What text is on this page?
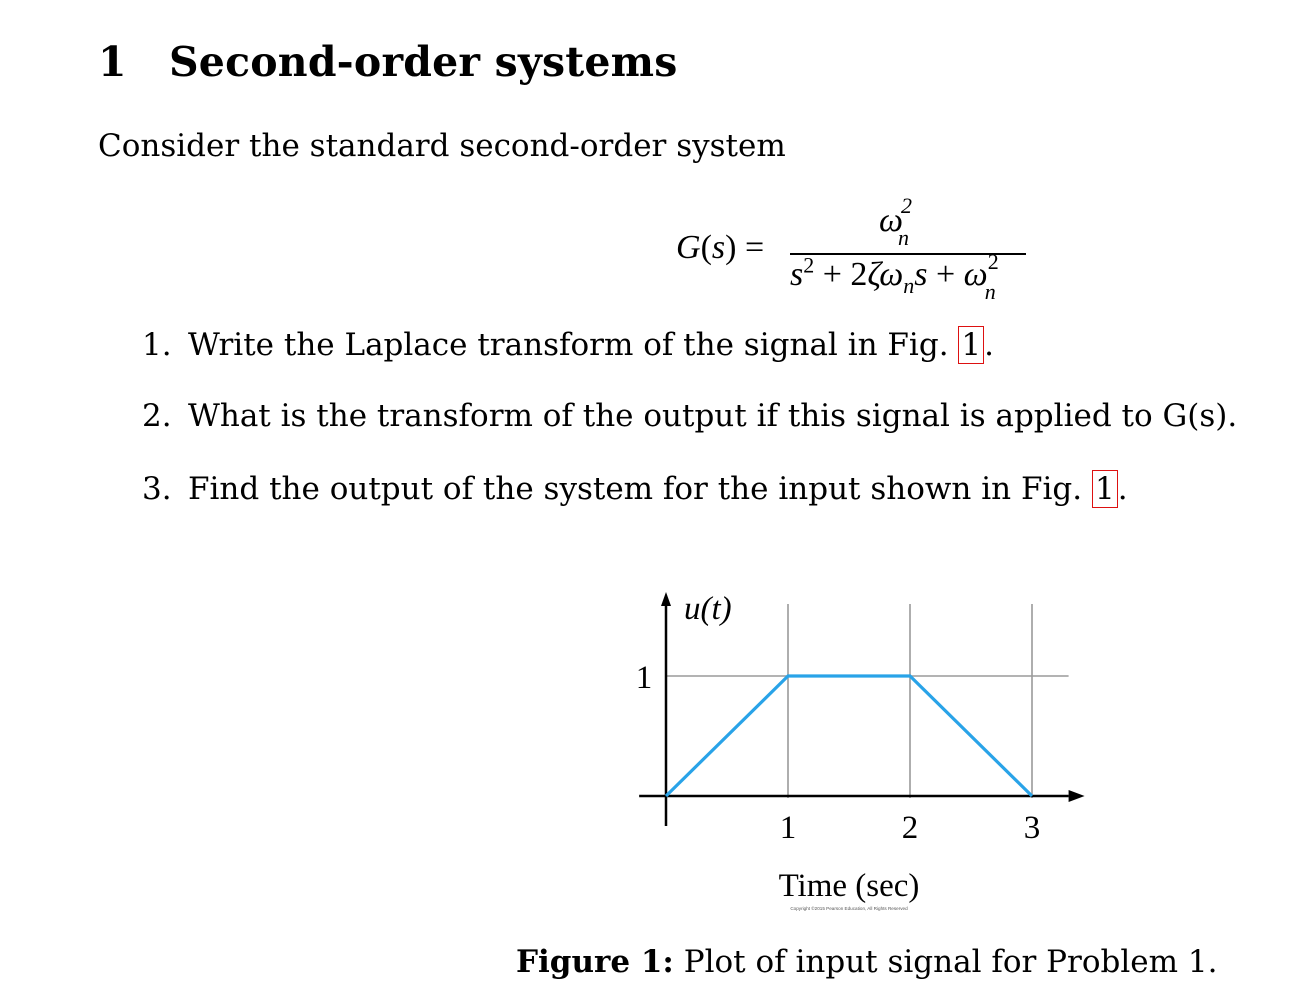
1 Second-order systems
Consider the standard second-order system
G(s) =
$\omega^2_n$
$s^2 + 2\zeta\omega_ns + \omega^2_n$
1. Write the Laplace transform of the signal in Fig. 1.
2. What is the transform of the output if this signal is applied to G(s).
3. Find the output of the system for the input shown in Fig. 1.
1	2	3
1
u(t)
Time (sec)
Copyright ©2015 Pearson Education, All Rights Reserved
Figure 1: Plot of input signal for Problem 1.
